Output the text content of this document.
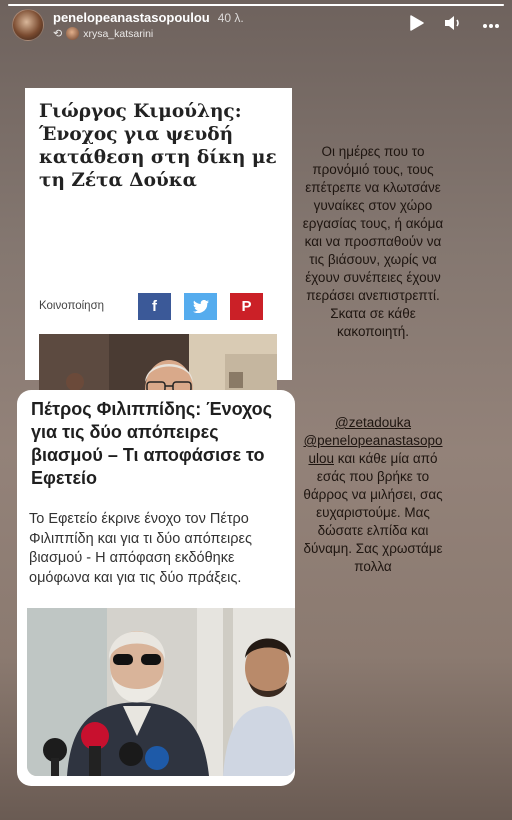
penelopeanastasopoulou 40 λ.
⟲ xrysa_katsarini
Γιώργος Κιμούλης: Ένοχος για ψευδή κατάθεση στη δίκη με τη Ζέτα Δούκα
Κοινοποίηση	f	P
Πέτρος Φιλιππίδης: Ένοχος για τις δύο απόπειρες βιασμού – Τι αποφάσισε το Εφετείο
Το Εφετείο έκρινε ένοχο τον Πέτρο Φιλιππίδη και για τι δύο απόπειρες βιασμού - Η απόφαση εκδόθηκε ομόφωνα και για τις δύο πράξεις.
Οι ημέρες που το προνόμιό τους, τους επέτρεπε να κλωτσάνε γυναίκες στον χώρο εργασίας τους, ή ακόμα και να προσπαθούν να τις βιάσουν, χωρίς να έχουν συνέπειες έχουν περάσει ανεπιστρεπτί. Σκατα σε κάθε κακοποιητή.
@zetadouka
@penelopeanastasopoulou και κάθε μία από εσάς που βρήκε το θάρρος να μιλήσει, σας ευχαριστούμε. Μας δώσατε ελπίδα και δύναμη. Σας χρωστάμε πολλα
